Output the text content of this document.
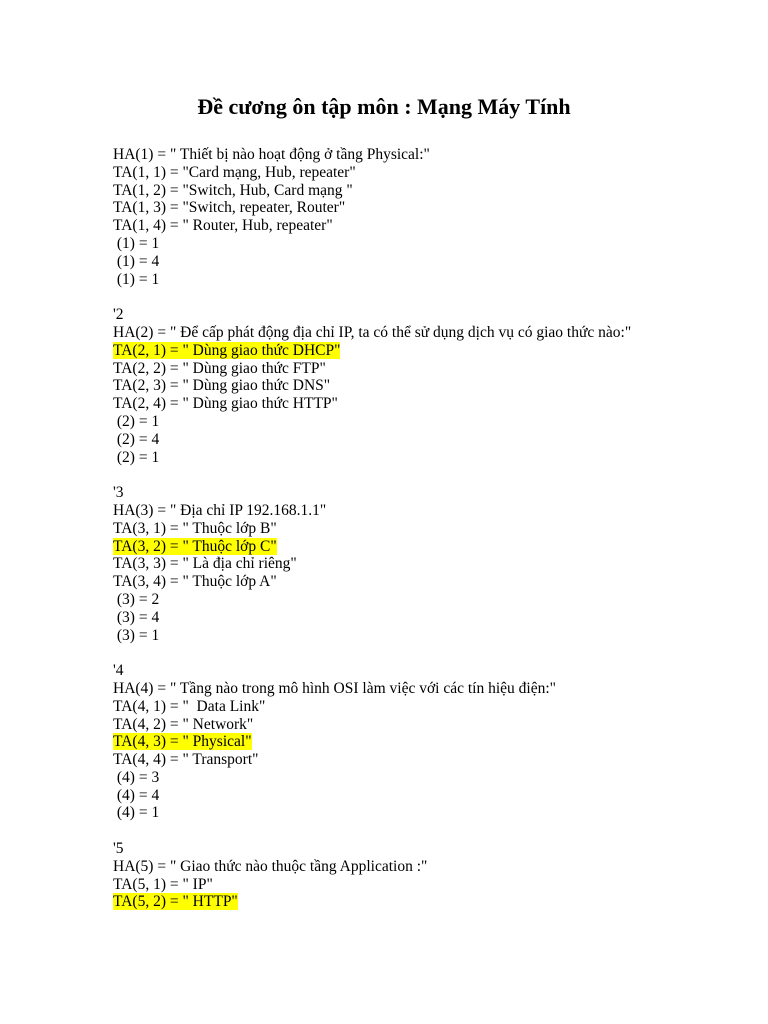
Đề cương ôn tập môn : Mạng Máy Tính
HA(1) = " Thiết bị nào hoạt động ở tầng Physical:"
TA(1, 1) = "Card mạng, Hub, repeater"
TA(1, 2) = "Switch, Hub, Card mạng "
TA(1, 3) = "Switch, repeater, Router"
TA(1, 4) = " Router, Hub, repeater"
(1) = 1
(1) = 4
(1) = 1
'2
HA(2) = " Để cấp phát động địa chỉ IP, ta có thể sử dụng dịch vụ có giao thức nào:"
TA(2, 1) = " Dùng giao thức DHCP"
TA(2, 2) = " Dùng giao thức FTP"
TA(2, 3) = " Dùng giao thức DNS"
TA(2, 4) = " Dùng giao thức HTTP"
(2) = 1
(2) = 4
(2) = 1
'3
HA(3) = " Địa chỉ IP 192.168.1.1"
TA(3, 1) = " Thuộc lớp B"
TA(3, 2) = " Thuộc lớp C"
TA(3, 3) = " Là địa chỉ riêng"
TA(3, 4) = " Thuộc lớp A"
(3) = 2
(3) = 4
(3) = 1
'4
HA(4) = " Tầng nào trong mô hình OSI làm việc với các tín hiệu điện:"
TA(4, 1) = "  Data Link"
TA(4, 2) = " Network"
TA(4, 3) = " Physical"
TA(4, 4) = " Transport"
(4) = 3
(4) = 4
(4) = 1
'5
HA(5) = " Giao thức nào thuộc tầng Application :"
TA(5, 1) = " IP"
TA(5, 2) = " HTTP"
